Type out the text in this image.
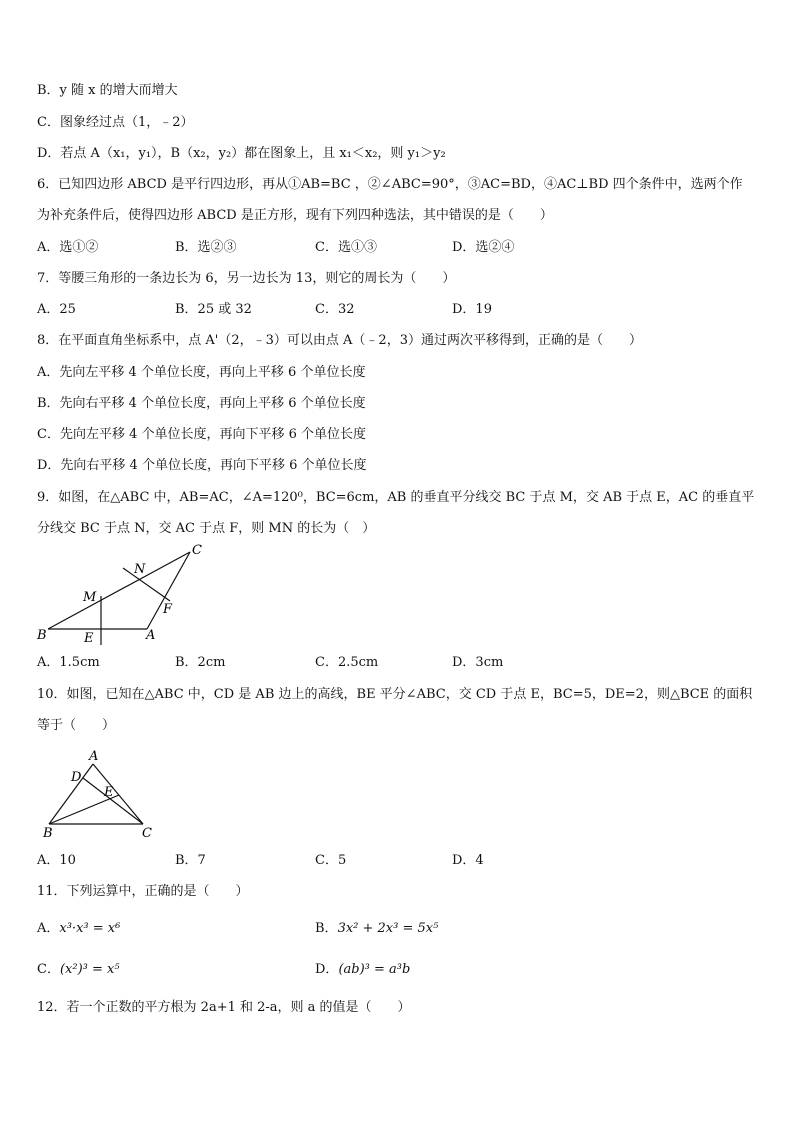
B．y 随 x 的增大而增大
C．图象经过点（1，﹣2）
D．若点 A（x₁，y₁），B（x₂，y₂）都在图象上，且 x₁＜x₂，则 y₁＞y₂
6．已知四边形 ABCD 是平行四边形，再从①AB=BC ，②∠ABC=90°，③AC=BD，④AC⊥BD 四个条件中，选两个作
为补充条件后，使得四边形 ABCD 是正方形，现有下列四种选法，其中错误的是（　　）
A．选①②	B．选②③	C．选①③	D．选②④
7．等腰三角形的一条边长为 6，另一边长为 13，则它的周长为（　　）
A．25	B．25 或 32	C．32	D．19
8．在平面直角坐标系中，点 A'（2，﹣3）可以由点 A（﹣2，3）通过两次平移得到，正确的是（　　）
A．先向左平移 4 个单位长度，再向上平移 6 个单位长度
B．先向右平移 4 个单位长度，再向上平移 6 个单位长度
C．先向左平移 4 个单位长度，再向下平移 6 个单位长度
D．先向右平移 4 个单位长度，再向下平移 6 个单位长度
9．如图，在△ABC 中，AB=AC，∠A=120⁰，BC=6cm，AB 的垂直平分线交 BC 于点 M，交 AB 于点 E，AC 的垂直平
分线交 BC 于点 N，交 AC 于点 F，则 MN 的长为（　）
C
N
M
F
B	E	A
A．1.5cm	B．2cm	C．2.5cm	D．3cm
10．如图，已知在△ABC 中，CD 是 AB 边上的高线，BE 平分∠ABC，交 CD 于点 E，BC=5，DE=2，则△BCE 的面积
等于（　　）
A
D
E
B	C
A．10	B．7	C．5	D．4
11．下列运算中，正确的是（　　）
A．x³·x³ = x⁶	B．3x² + 2x³ = 5x⁵
C．(x²)³ = x⁵	D．(ab)³ = a³b
12．若一个正数的平方根为 2a+1 和 2-a，则 a 的值是（　　）
